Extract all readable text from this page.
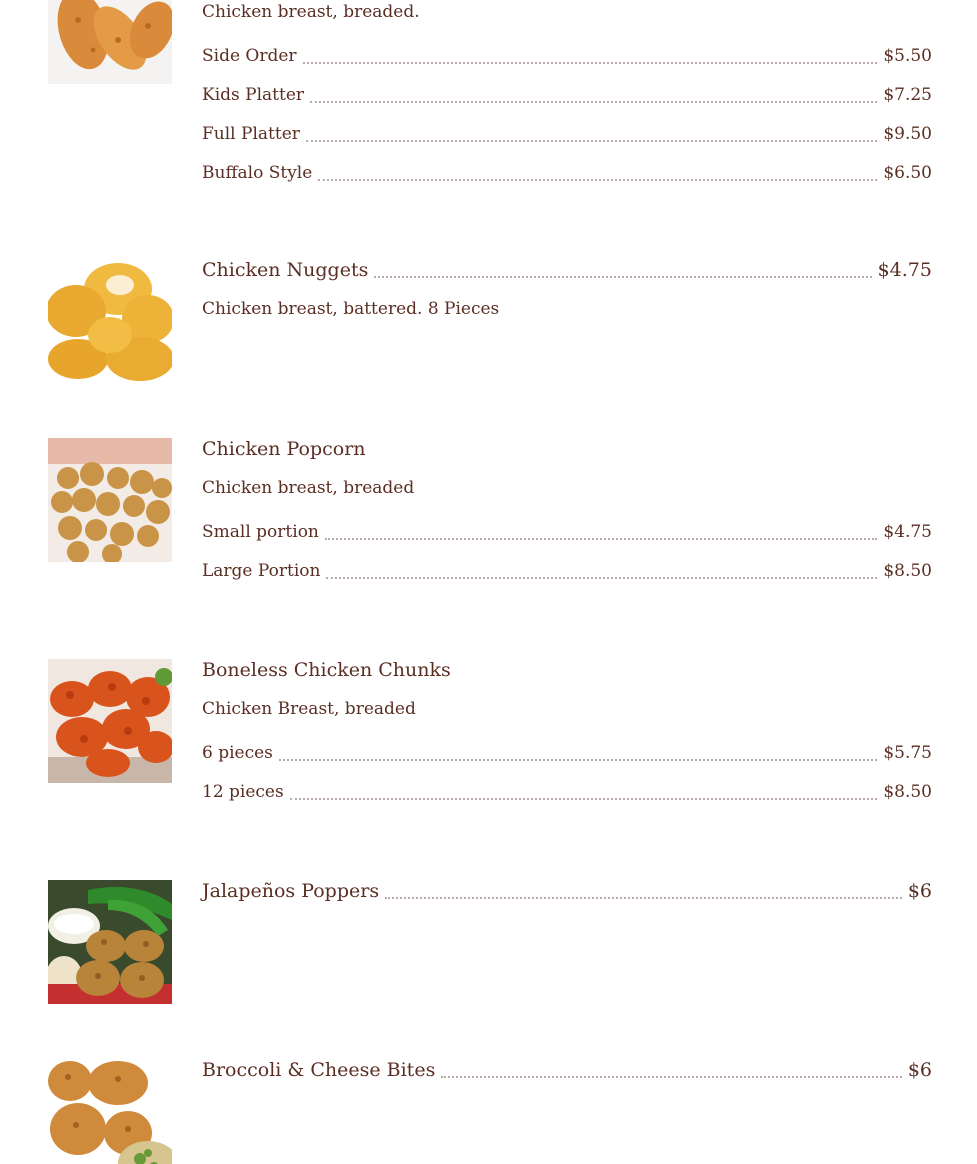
Chicken breast, breaded.
Side Order	$5.50
Kids Platter	$7.25
Full Platter	$9.50
Buffalo Style	$6.50
Chicken Nuggets	$4.75
Chicken breast, battered. 8 Pieces
Chicken Popcorn
Chicken breast, breaded
Small portion	$4.75
Large Portion	$8.50
Boneless Chicken Chunks
Chicken Breast, breaded
6 pieces	$5.75
12 pieces	$8.50
Jalapeños Poppers	$6
Broccoli & Cheese Bites	$6
